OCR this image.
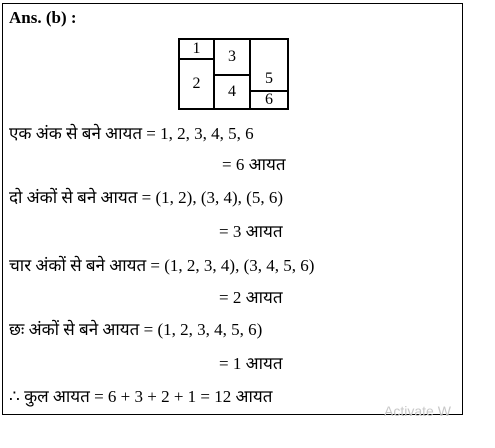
Ans. (b) :
1
2
3
4
5
6
एक अंक से बने आयत = 1, 2, 3, 4, 5, 6
= 6 आयत
दो अंकों से बने आयत = (1, 2), (3, 4), (5, 6)
= 3 आयत
चार अंकों से बने आयत = (1, 2, 3, 4), (3, 4, 5, 6)
= 2 आयत
छः अंकों से बने आयत = (1, 2, 3, 4, 5, 6)
= 1 आयत
∴ कुल आयत = 6 + 3 + 2 + 1 = 12 आयत
Activate W
